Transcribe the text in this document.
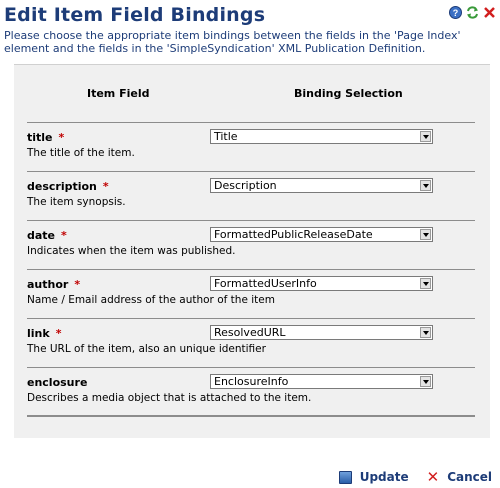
Edit Item Field Bindings	?
Please choose the appropriate item bindings between the fields in the 'Page Index' element and the fields in the 'SimpleSyndication' XML Publication Definition.
Item Field	Binding Selection
title *
The title of the item.
Title
description *
The item synopsis.
Description
date *
Indicates when the item was published.
FormattedPublicReleaseDate
author *
Name / Email address of the author of the item
FormattedUserInfo
link *
The URL of the item, also an unique identifier
ResolvedURL
enclosure
Describes a media object that is attached to the item.
EnclosureInfo
Update ✕ Cancel
